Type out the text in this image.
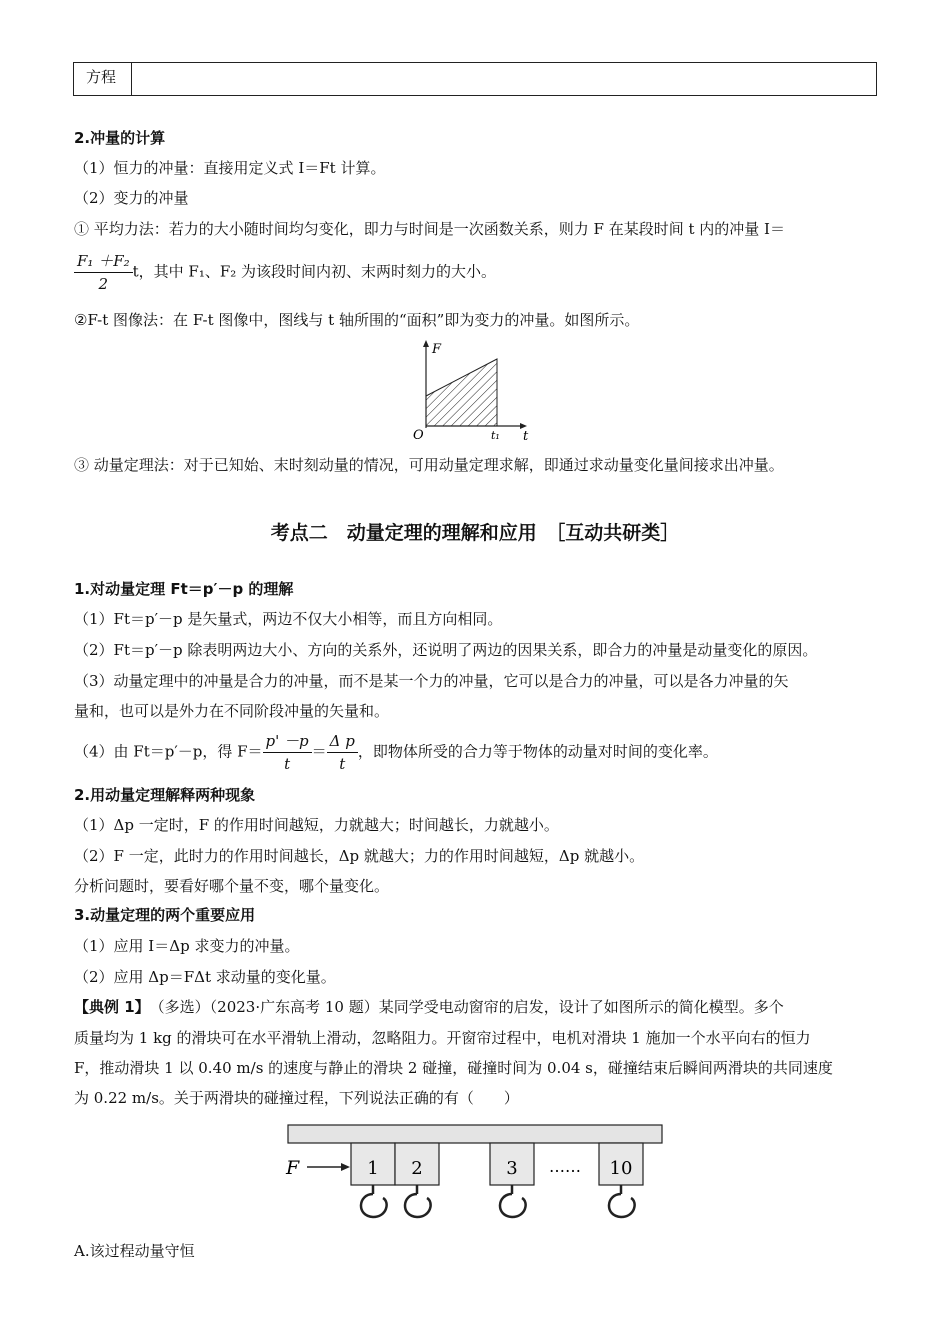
方程
2.冲量的计算
（1）恒力的冲量：直接用定义式 I＝Ft 计算。
（2）变力的冲量
① 平均力法：若力的大小随时间均匀变化，即力与时间是一次函数关系，则力 F 在某段时间 t 内的冲量 I＝
$\frac{\text{F₁ ＋F₂}}{2}$ t，其中 F₁、F₂ 为该段时间内初、末两时刻力的大小。
②F-t 图像法：在 F-t 图像中，图线与 t 轴所围的“面积”即为变力的冲量。如图所示。
F
t
O	t₁
③ 动量定理法：对于已知始、末时刻动量的情况，可用动量定理求解，即通过求动量变化量间接求出冲量。
考点二　动量定理的理解和应用　［互动共研类］
1.对动量定理 Ft＝p′－p 的理解
（1）Ft＝p′－p 是矢量式，两边不仅大小相等，而且方向相同。
（2）Ft＝p′－p 除表明两边大小、方向的关系外，还说明了两边的因果关系，即合力的冲量是动量变化的原因。
（3）动量定理中的冲量是合力的冲量，而不是某一个力的冲量，它可以是合力的冲量，可以是各力冲量的矢
量和，也可以是外力在不同阶段冲量的矢量和。
（4）由 Ft＝p′－p，得 $F= \frac{p' -p}{t} = \frac{\text{Δ p}}{t}$ ，即物体所受的合力等于物体的动量对时间的变化率。
2.用动量定理解释两种现象
（1）Δp 一定时，F 的作用时间越短，力就越大；时间越长，力就越小。
（2）F 一定，此时力的作用时间越长，Δp 就越大；力的作用时间越短，Δp 就越小。
分析问题时，要看好哪个量不变，哪个量变化。
3.动量定理的两个重要应用
（1）应用 I＝Δp 求变力的冲量。
（2）应用 Δp＝FΔt 求动量的变化量。
【典例 1】　（多选）（2023·广东高考 10 题）某同学受电动窗帘的启发，设计了如图所示的简化模型。多个
质量均为 1 kg 的滑块可在水平滑轨上滑动，忽略阻力。开窗帘过程中，电机对滑块 1 施加一个水平向右的恒力
F，推动滑块 1 以 0.40 m/s 的速度与静止的滑块 2 碰撞，碰撞时间为 0.04 s，碰撞结束后瞬间两滑块的共同速度
为 0.22 m/s。关于两滑块的碰撞过程，下列说法正确的有（　　）
F	1 2	3 …… 10
A.该过程动量守恒
